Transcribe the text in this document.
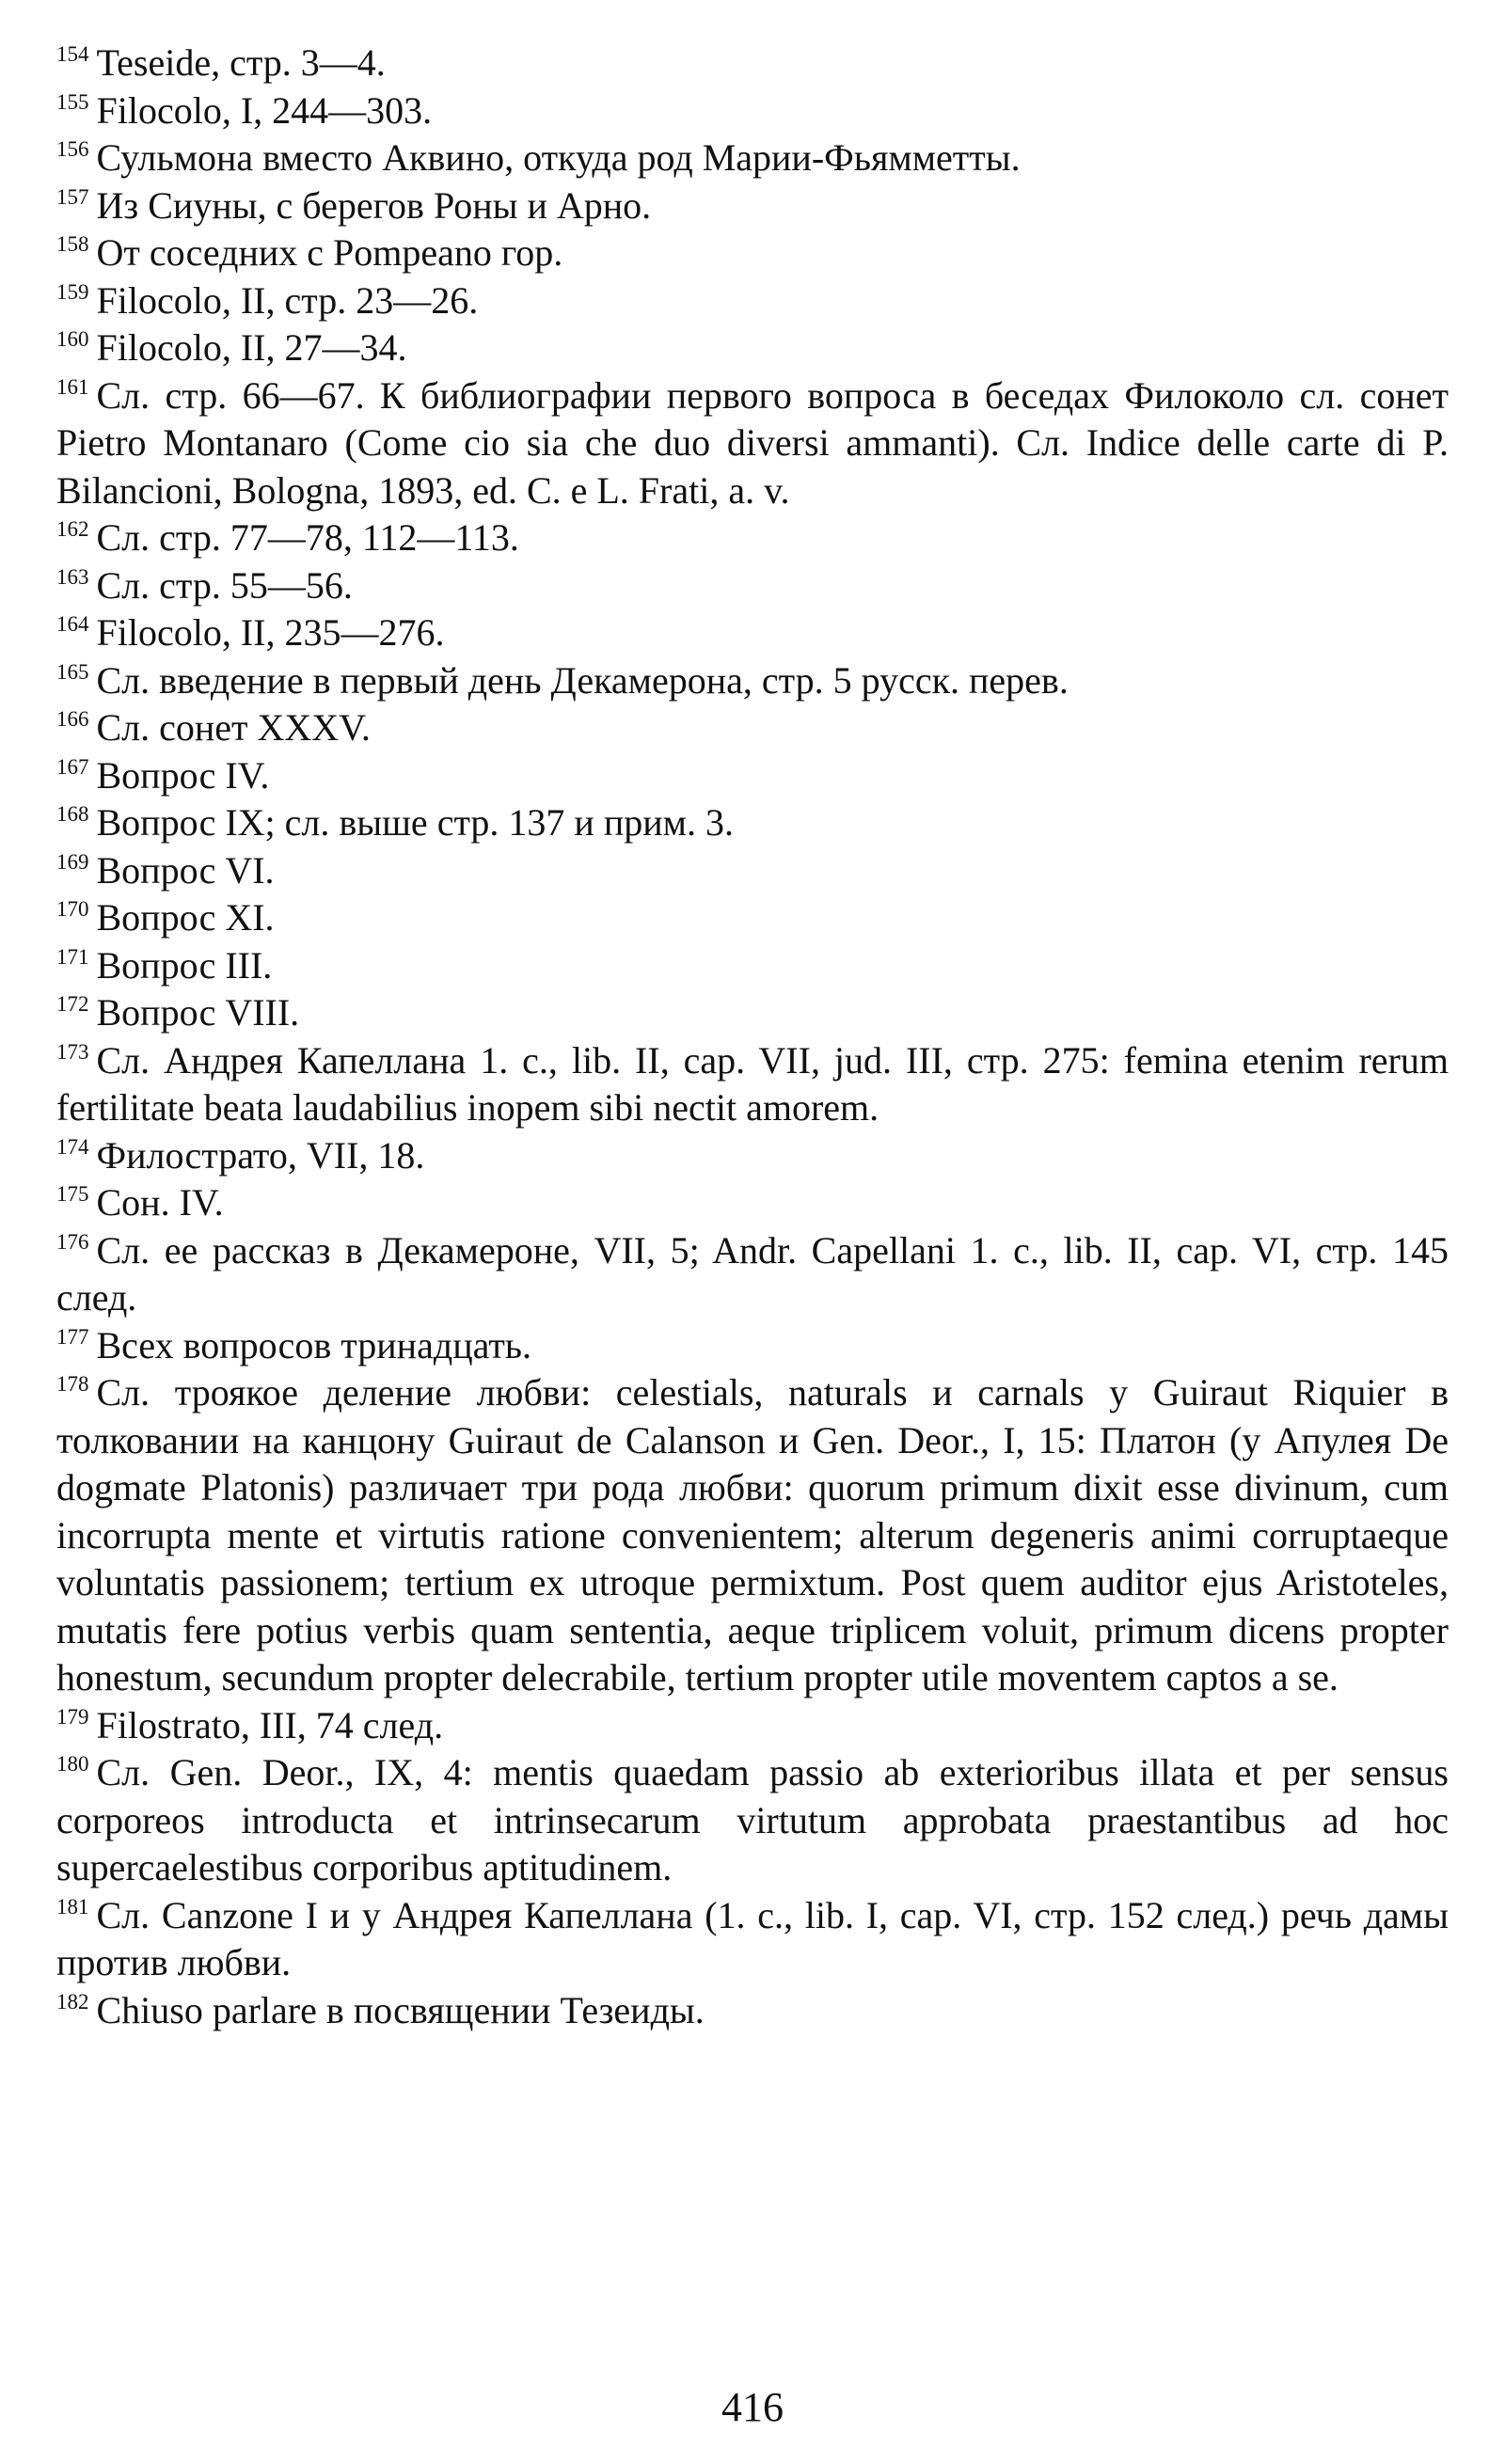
$^{154}$ Teseide, стр. 3—4.
$^{155}$ Filocolo, I, 244—303.
$^{156}$ Сульмона вместо Аквино, откуда род Марии-Фьямметты.
$^{157}$ Из Сиуны, с берегов Роны и Арно.
$^{158}$ От соседних с Pompeano гор.
$^{159}$ Filocolo, II, стр. 23—26.
$^{160}$ Filocolo, II, 27—34.
$^{161}$ Сл. стр. 66—67. К библиографии первого вопроса в беседах Филоколо сл. сонет Pietro Montanaro (Come cio sia che duo diversi ammanti). Сл. Indice delle carte di P. Bilancioni, Bologna, 1893, ed. C. e L. Frati, a. v.
$^{162}$ Сл. стр. 77—78, 112—113.
$^{163}$ Сл. стр. 55—56.
$^{164}$ Filocolo, II, 235—276.
$^{165}$ Сл. введение в первый день Декамерона, стр. 5 русск. перев.
$^{166}$ Сл. сонет XXXV.
$^{167}$ Вопрос IV.
$^{168}$ Вопрос IX; сл. выше стр. 137 и прим. 3.
$^{169}$ Вопрос VI.
$^{170}$ Вопрос XI.
$^{171}$ Вопрос III.
$^{172}$ Вопрос VIII.
$^{173}$ Сл. Андрея Капеллана 1. c., lib. II, cap. VII, jud. III, стр. 275: femina etenim rerum fertilitate beata laudabilius inopem sibi nectit amorem.
$^{174}$ Филострато, VII, 18.
$^{175}$ Сон. IV.
$^{176}$ Сл. ее рассказ в Декамероне, VII, 5; Andr. Capellani 1. c., lib. II, cap. VI, стр. 145 след.
$^{177}$ Всех вопросов тринадцать.
$^{178}$ Сл. троякое деление любви: celestials, naturals и carnals у Guiraut Riquier в толковании на канцону Guiraut de Calanson и Gen. Deor., I, 15: Платон (у Апулея De dogmate Platonis) различает три рода любви: quorum primum dixit esse divinum, cum incorrupta mente et virtutis ratione convenientem; alterum degeneris animi corruptaeque voluntatis passionem; tertium ex utroque permixtum. Post quem auditor ejus Aristoteles, mutatis fere potius verbis quam sententia, aeque triplicem voluit, primum dicens propter honestum, secundum propter delecrabile, tertium propter utile moventem captos a se.
$^{179}$ Filostrato, III, 74 след.
$^{180}$ Сл. Gen. Deor., IX, 4: mentis quaedam passio ab exterioribus illata et per sensus corporeos introducta et intrinsecarum virtutum approbata praestantibus ad hoc supercaelestibus corporibus aptitudinem.
$^{181}$ Сл. Canzone I и у Андрея Капеллана (1. c., lib. I, cap. VI, стр. 152 след.) речь дамы против любви.
$^{182}$ Chiuso parlare в посвящении Тезеиды.
416
